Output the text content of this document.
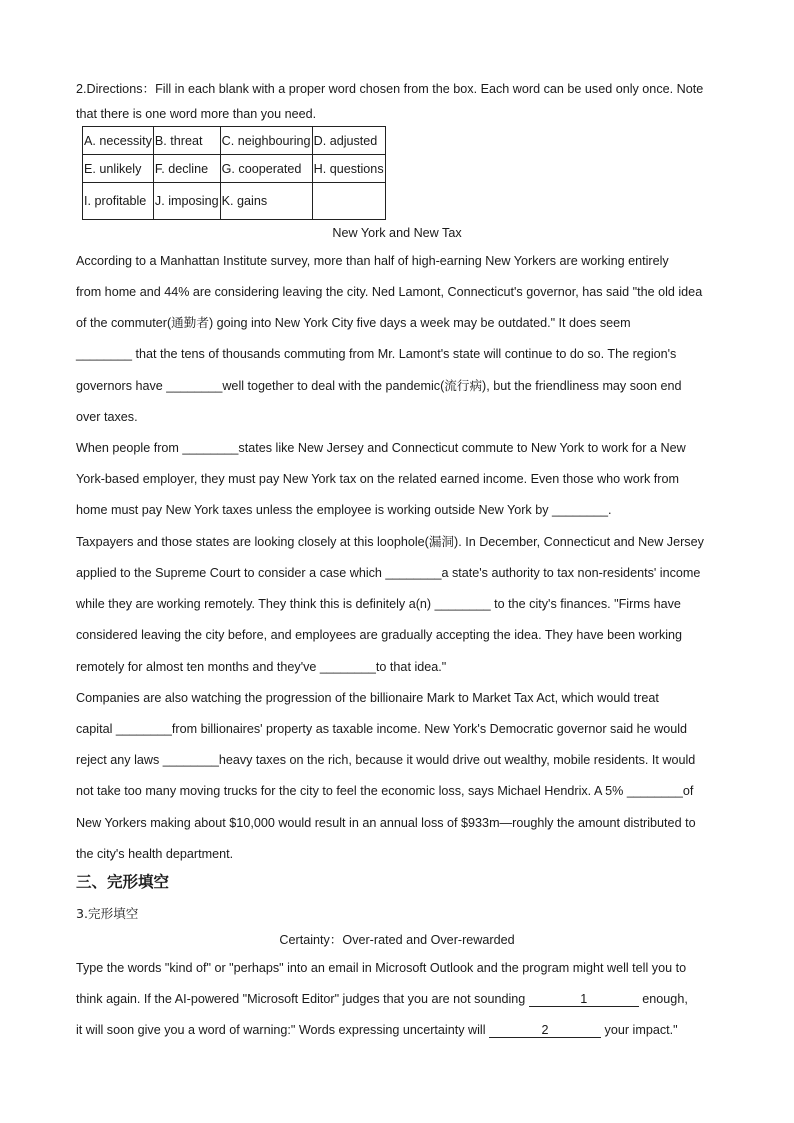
2.Directions：Fill in each blank with a proper word chosen from the box. Each word can be used only once. Note
that there is one word more than you need.
A. necessity	B. threat	C. neighbouring	D. adjusted
E. unlikely	F. decline	G. cooperated	H. questions
I. profitable	J. imposing	K. gains	
New York and New Tax
According to a Manhattan Institute survey, more than half of high-earning New Yorkers are working entirely
from home and 44% are considering leaving the city. Ned Lamont, Connecticut's governor, has said "the old idea
of the commuter(通勤者) going into New York City five days a week may be outdated." It does seem
________ that the tens of thousands commuting from Mr. Lamont's state will continue to do so. The region's
governors have ________well together to deal with the pandemic(流行病), but the friendliness may soon end
over taxes.
When people from ________states like New Jersey and Connecticut commute to New York to work for a New
York-based employer, they must pay New York tax on the related earned income. Even those who work from
home must pay New York taxes unless the employee is working outside New York by ________.
Taxpayers and those states are looking closely at this loophole(漏洞). In December, Connecticut and New Jersey
applied to the Supreme Court to consider a case which ________a state's authority to tax non-residents' income
while they are working remotely. They think this is definitely a(n) ________ to the city's finances. "Firms have
considered leaving the city before, and employees are gradually accepting the idea. They have been working
remotely for almost ten months and they've ________to that idea."
Companies are also watching the progression of the billionaire Mark to Market Tax Act, which would treat
capital ________from billionaires' property as taxable income. New York's Democratic governor said he would
reject any laws ________heavy taxes on the rich, because it would drive out wealthy, mobile residents. It would
not take too many moving trucks for the city to feel the economic loss, says Michael Hendrix. A 5% ________of
New Yorkers making about $10,000 would result in an annual loss of $933m—roughly the amount distributed to
the city's health department.
三、完形填空
3.完形填空
Certainty：Over-rated and Over-rewarded
Type the words "kind of" or "perhaps" into an email in Microsoft Outlook and the program might well tell you to
think again. If the AI-powered "Microsoft Editor" judges that you are not sounding	1	enough,
it will soon give you a word of warning:" Words expressing uncertainty will	2	your impact."
